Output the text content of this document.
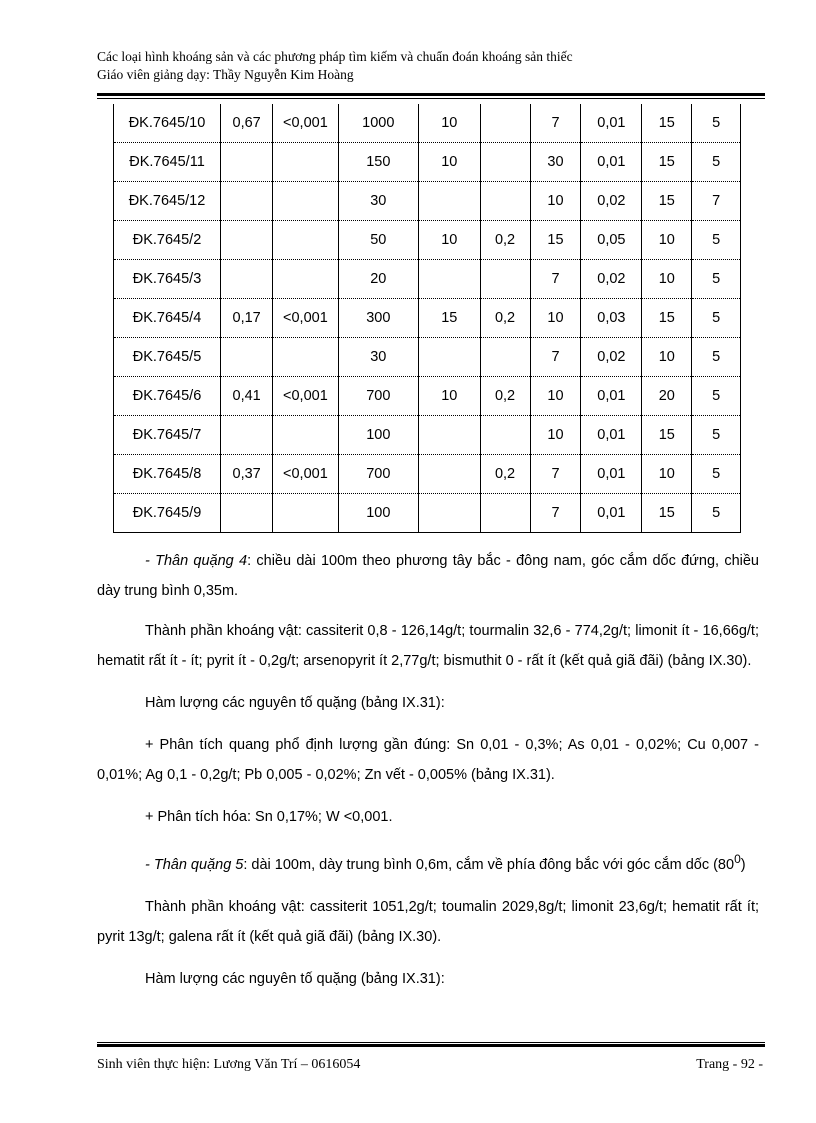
Các loại hình khoáng sản và các phương pháp tìm kiếm và chuẩn đoán khoáng sản thiếc
Giáo viên giảng dạy: Thầy Nguyễn Kim Hoàng
ĐK.7645/10	0,67	<0,001	1000	10		7	0,01	15	5
ĐK.7645/11			150	10		30	0,01	15	5
ĐK.7645/12			30			10	0,02	15	7
ĐK.7645/2			50	10	0,2	15	0,05	10	5
ĐK.7645/3			20			7	0,02	10	5
ĐK.7645/4	0,17	<0,001	300	15	0,2	10	0,03	15	5
ĐK.7645/5			30			7	0,02	10	5
ĐK.7645/6	0,41	<0,001	700	10	0,2	10	0,01	20	5
ĐK.7645/7			100			10	0,01	15	5
ĐK.7645/8	0,37	<0,001	700		0,2	7	0,01	10	5
ĐK.7645/9			100			7	0,01	15	5

- Thân quặng 4: chiều dài 100m theo phương tây bắc - đông nam, góc cắm dốc đứng, chiều dày trung bình 0,35m.

Thành phần khoáng vật: cassiterit 0,8 - 126,14g/t; tourmalin 32,6 - 774,2g/t; limonit ít - 16,66g/t; hematit rất ít - ít; pyrit ít - 0,2g/t; arsenopyrit ít 2,77g/t; bismuthit 0 - rất ít (kết quả giã đãi) (bảng IX.30).

Hàm lượng các nguyên tố quặng (bảng IX.31):

+ Phân tích quang phổ định lượng gần đúng: Sn 0,01 - 0,3%; As 0,01 - 0,02%; Cu 0,007 - 0,01%; Ag 0,1 - 0,2g/t; Pb 0,005 - 0,02%; Zn vết - 0,005% (bảng IX.31).

+ Phân tích hóa: Sn 0,17%; W <0,001.

- Thân quặng 5: dài 100m, dày trung bình 0,6m, cắm về phía đông bắc với góc cắm dốc $(80^0)$

Thành phần khoáng vật: cassiterit 1051,2g/t; toumalin 2029,8g/t; limonit 23,6g/t; hematit rất ít; pyrit 13g/t; galena rất ít (kết quả giã đãi) (bảng IX.30).

Hàm lượng các nguyên tố quặng (bảng IX.31):

Sinh viên thực hiện: Lương Văn Trí – 0616054	Trang - 92 -
